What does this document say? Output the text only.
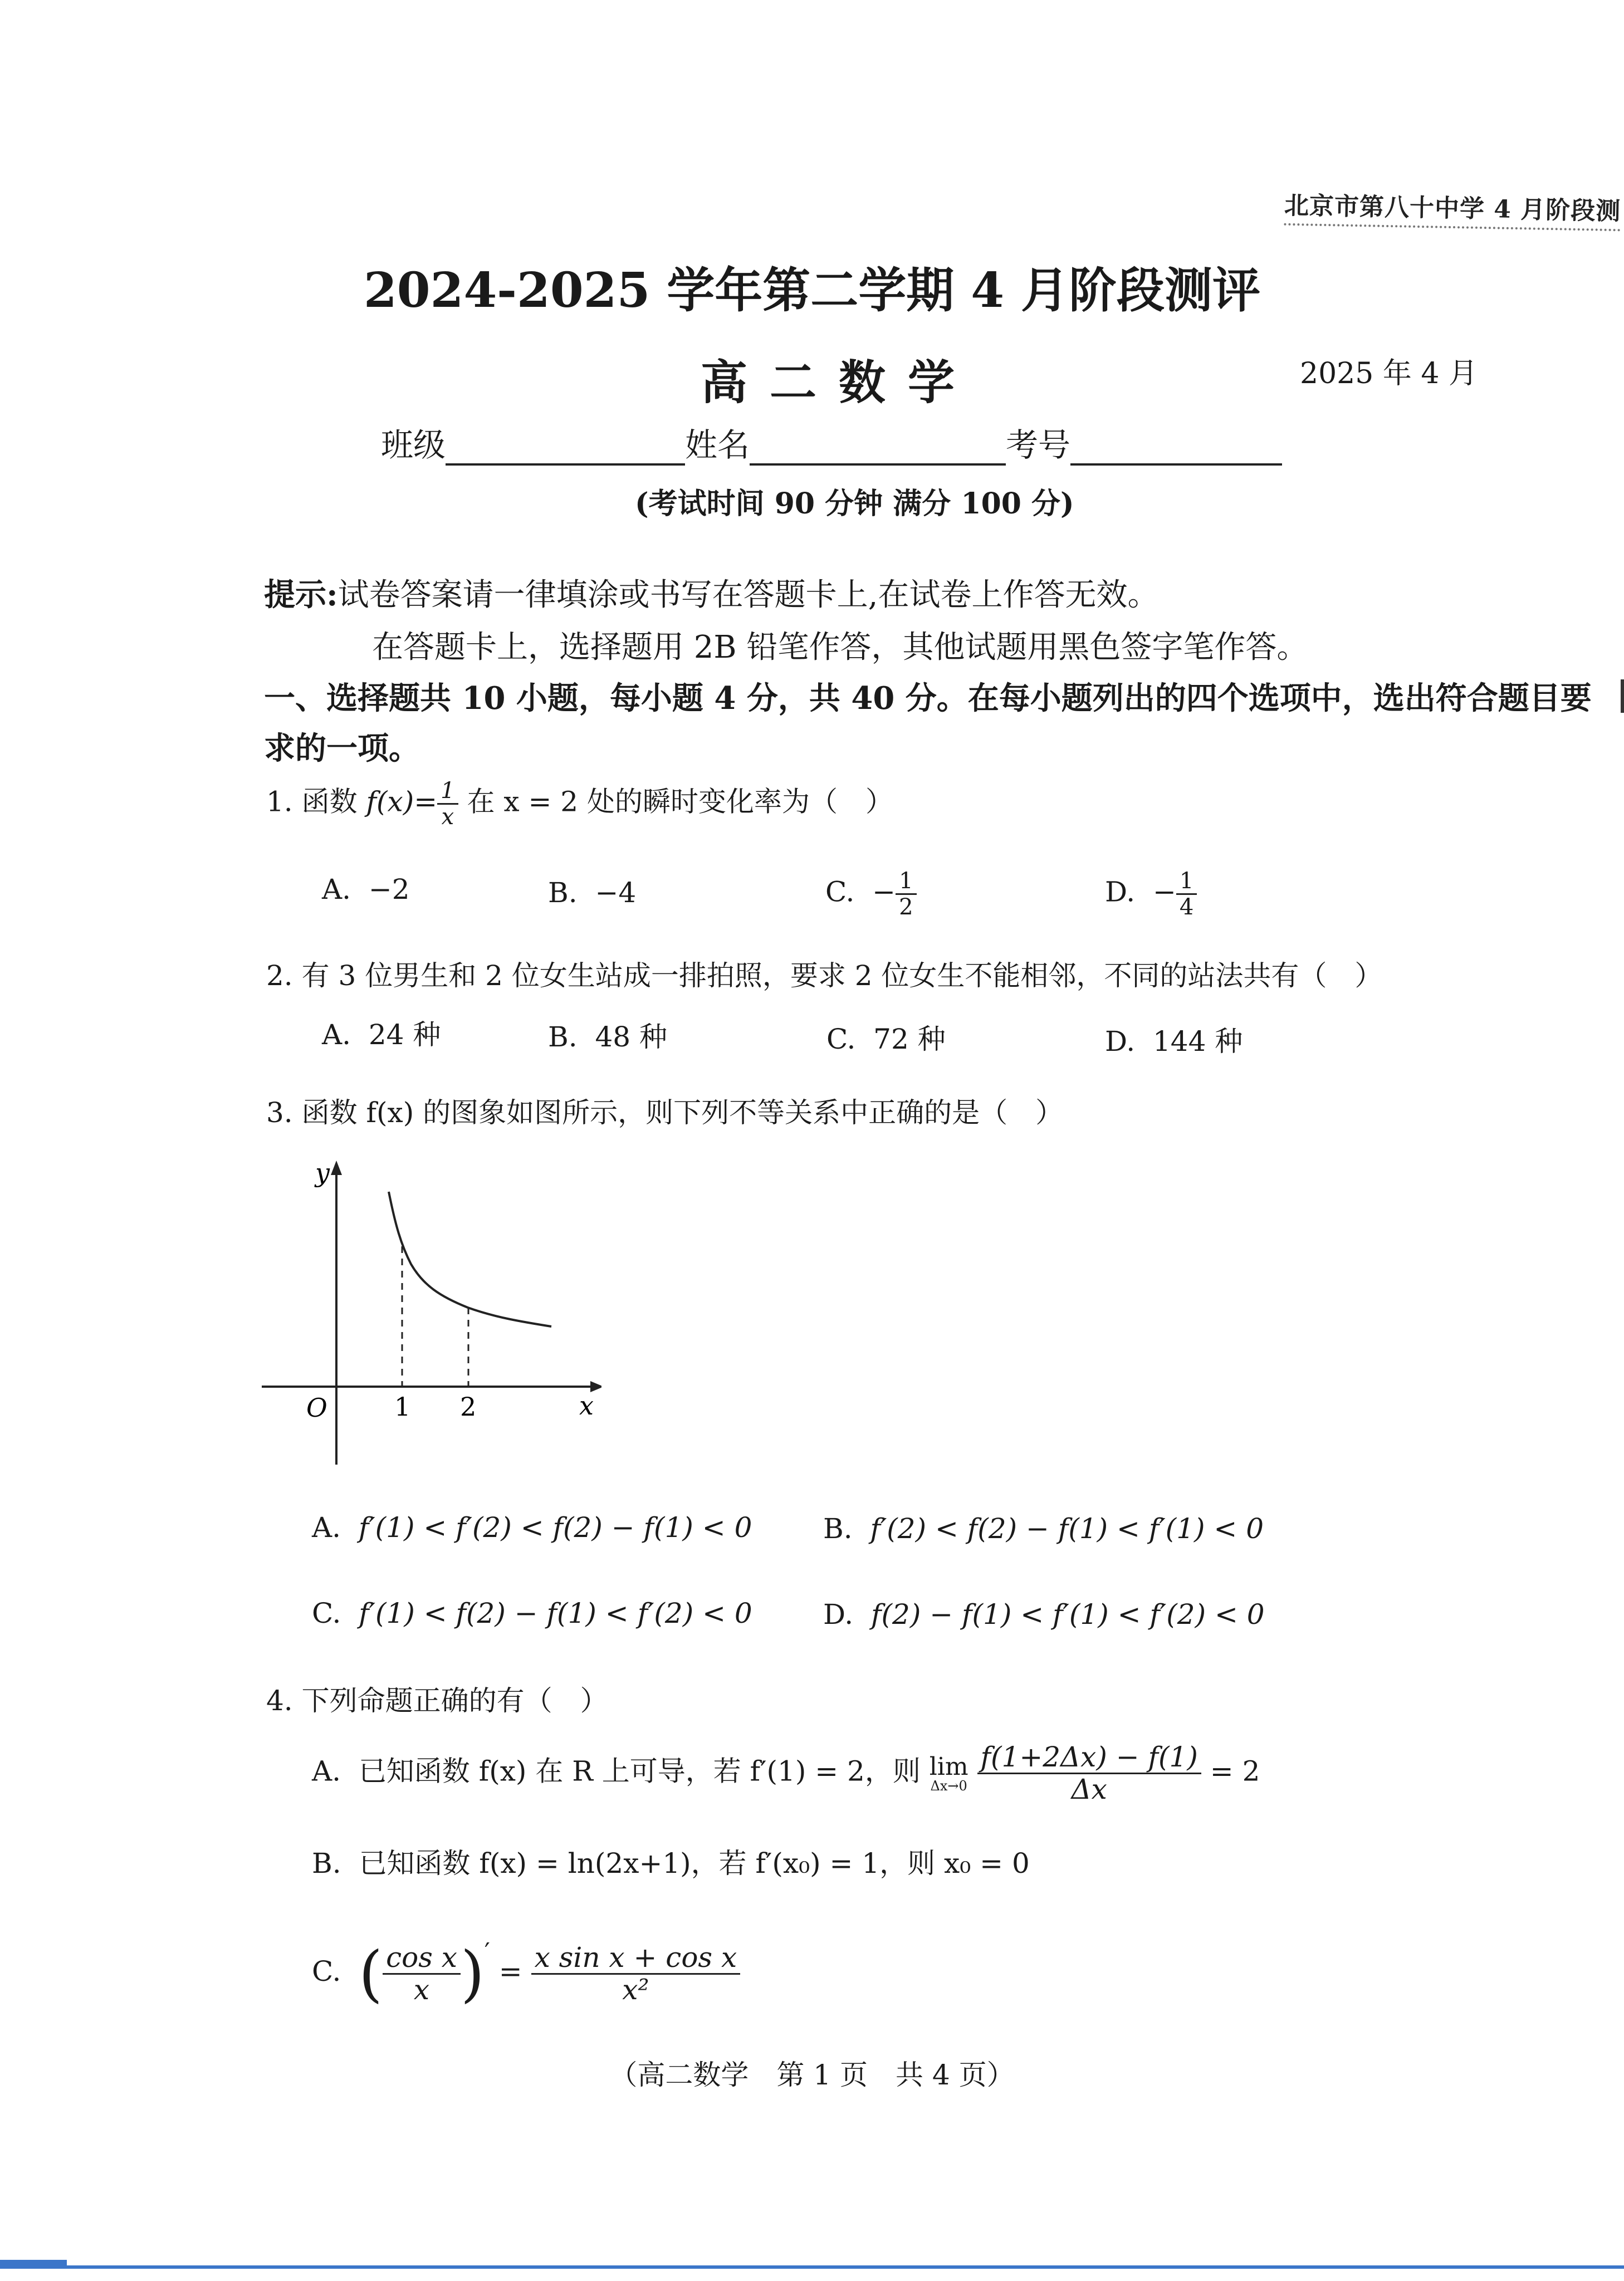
北京市第八十中学 4 月阶段测
2024-2025 学年第二学期 4 月阶段测评
高二数学	2025 年 4 月
班级	姓名	考号
(考试时间 90 分钟 满分 100 分)
提示:试卷答案请一律填涂或书写在答题卡上,在试卷上作答无效。
在答题卡上，选择题用 2B 铅笔作答，其他试题用黑色签字笔作答。
一、选择题共 10 小题，每小题 4 分，共 40 分。在每小题列出的四个选项中，选出符合题目要
求的一项。
1. 函数 $f(x)= \frac{1}{x}$ 在 x = 2 处的瞬时变化率为（　）
A. −2	B. −4	C. − $\frac{1}{2}$	D. − $\frac{1}{4}$
2. 有 3 位男生和 2 位女生站成一排拍照，要求 2 位女生不能相邻，不同的站法共有（　）
A. 24 种	B. 48 种	C. 72 种	D. 144 种
3. 函数 f(x) 的图象如图所示，则下列不等关系中正确的是（　）
y
x
O	1 2
A. f′(1) < f′(2) < f(2) − f(1) < 0	B. f′(2) < f(2) − f(1) < f′(1) < 0
C. f′(1) < f(2) − f(1) < f′(2) < 0	D. f(2) − f(1) < f′(1) < f′(2) < 0
4. 下列命题正确的有（　）
A. 已知函数 f(x) 在 R 上可导，若 f′(1) = 2，则 lim
Δx→0
$\frac{f(1+2\Delta x) - f(1)}{\Delta x} = 2$
B. 已知函数 f(x) = ln(2x+1)，若 f′(x₀) = 1，则 x₀ = 0
C. ( $\frac{\text{cos x}}{x}$ )′ = $\frac{\text{x sin x + cos x}}{\text{x²}}$
（高二数学　第 1 页　共 4 页）
